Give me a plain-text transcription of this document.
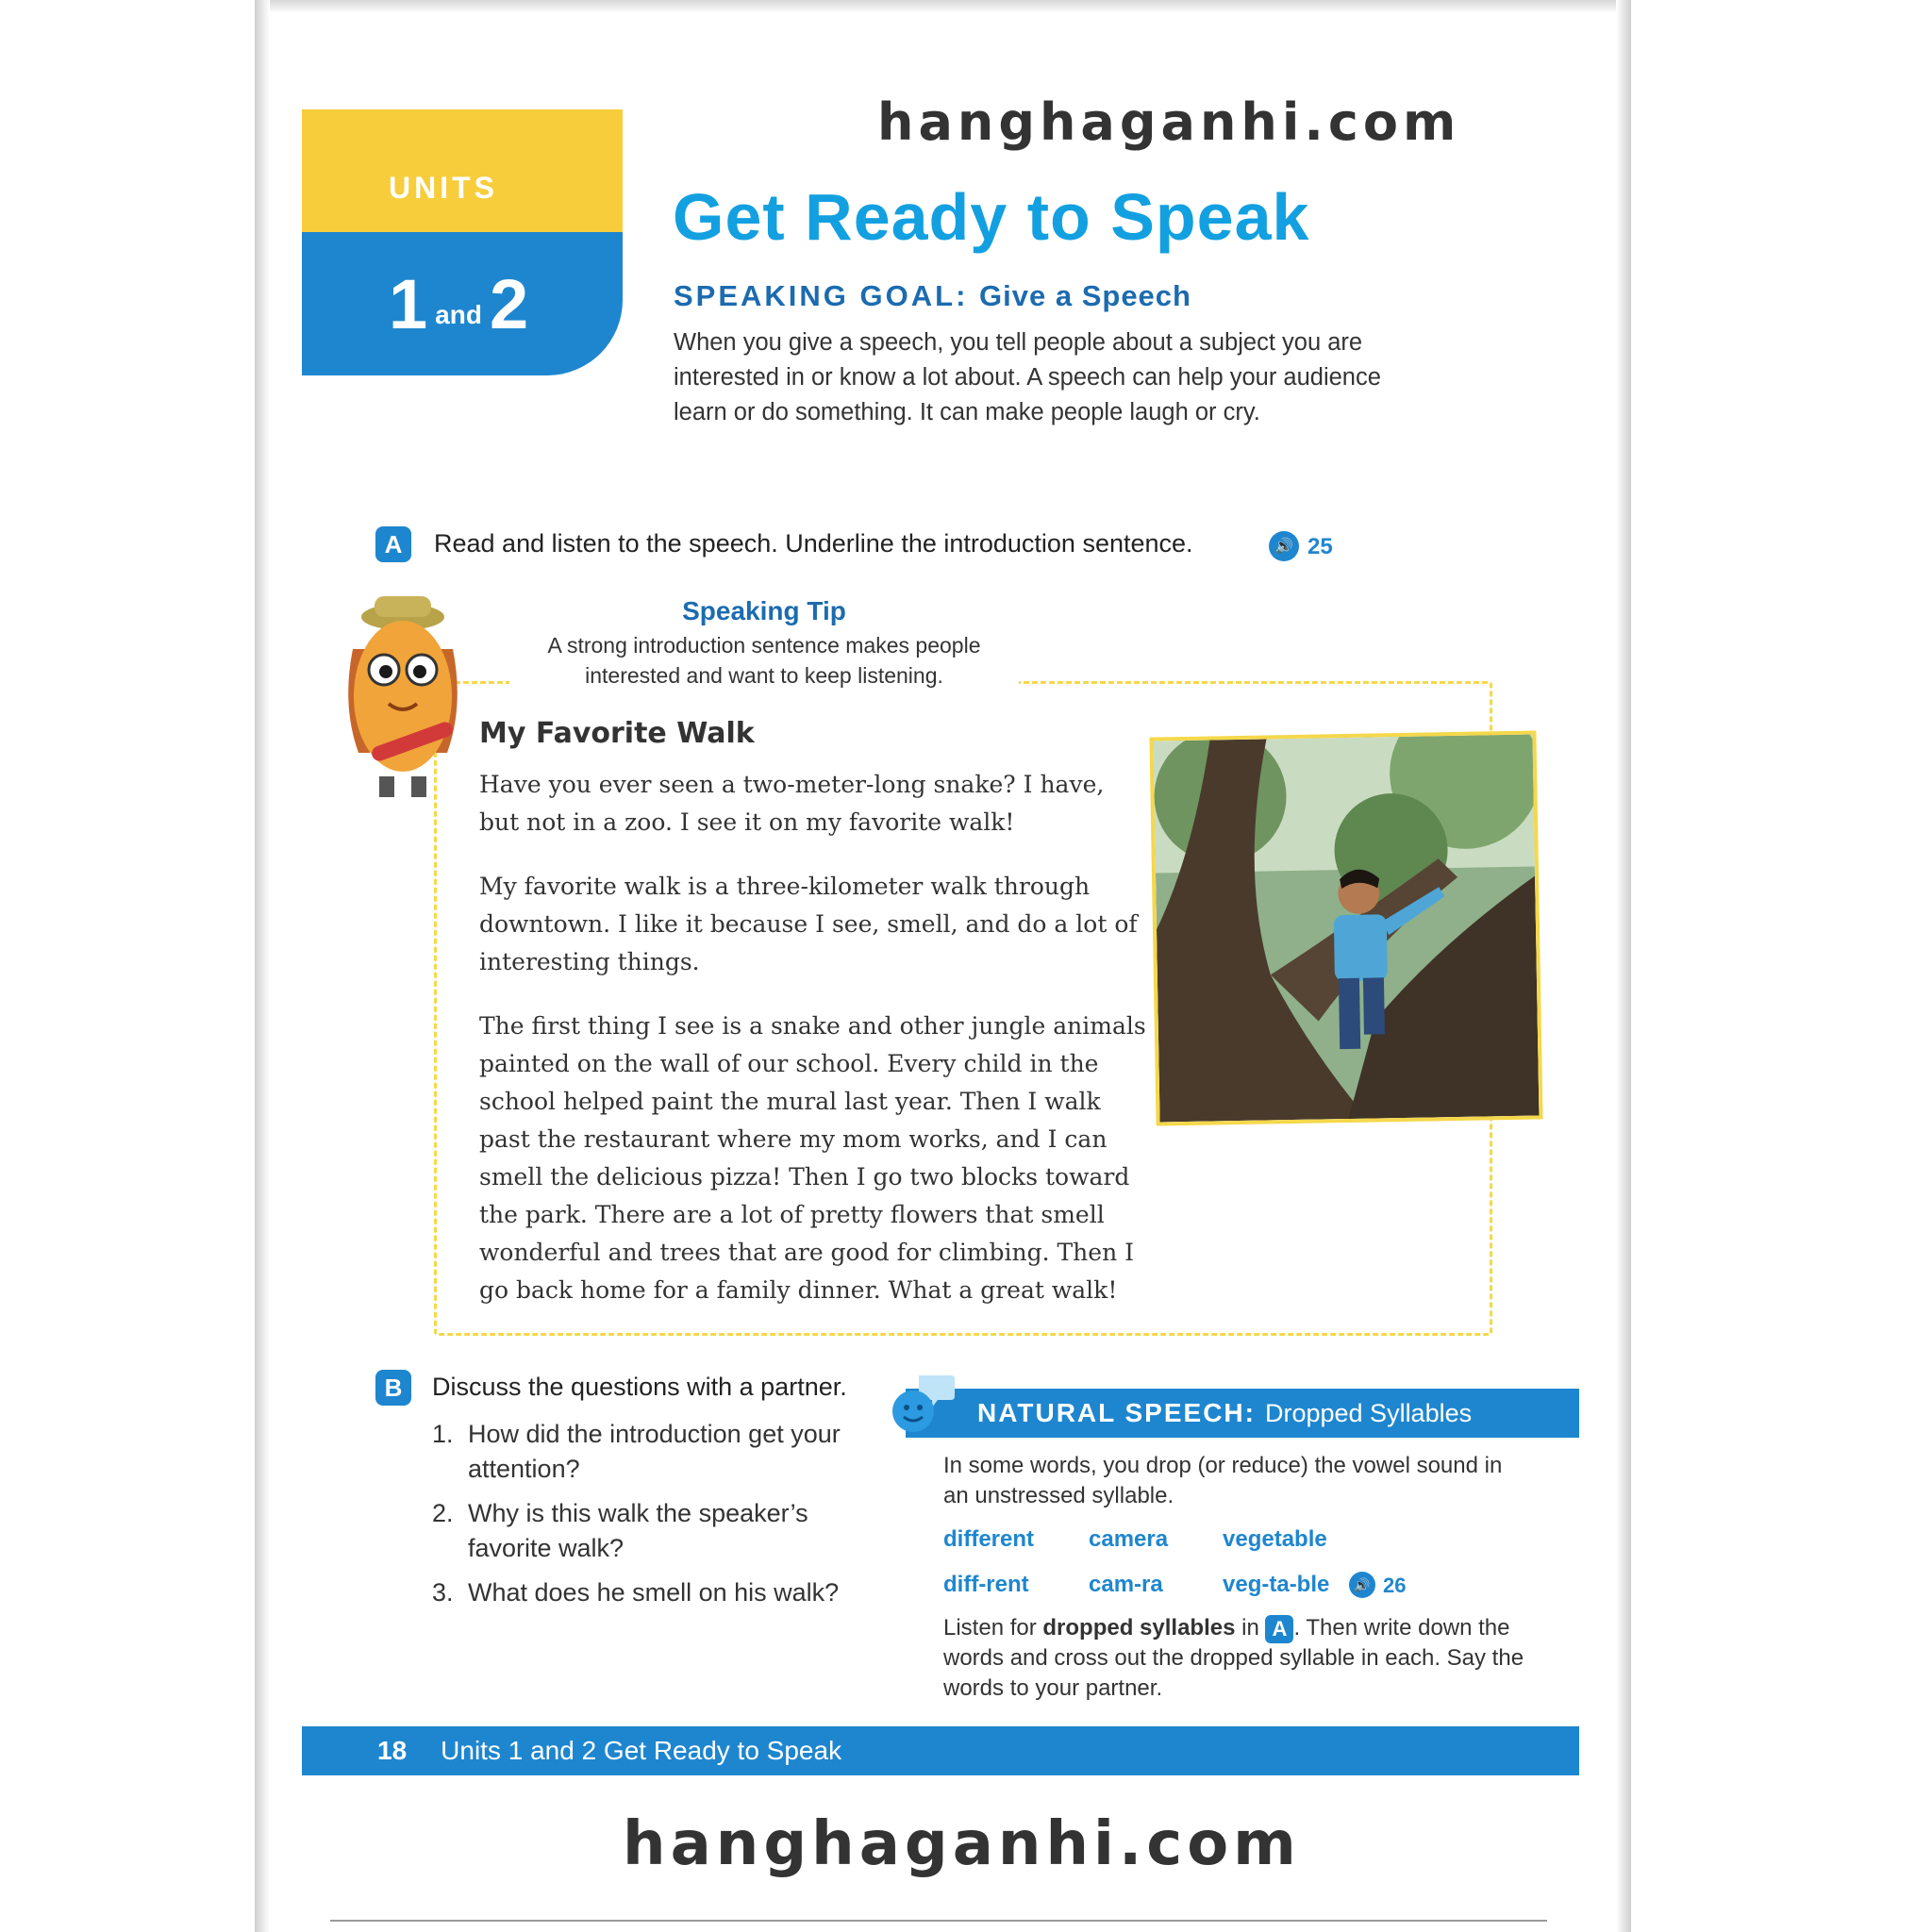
hanghaganhi.com
UNITS
1 and 2
Get Ready to Speak
SPEAKING GOAL: Give a Speech
When you give a speech, you tell people about a subject you are interested in or know a lot about. A speech can help your audience learn or do something. It can make people laugh or cry.
A	Read and listen to the speech. Underline the introduction sentence.	🔊 25
Speaking Tip
A strong introduction sentence makes people interested and want to keep listening.
My Favorite Walk
Have you ever seen a two-meter-long snake? I have, but not in a zoo. I see it on my favorite walk!
My favorite walk is a three-kilometer walk through downtown. I like it because I see, smell, and do a lot of interesting things.
The first thing I see is a snake and other jungle animals painted on the wall of our school. Every child in the school helped paint the mural last year. Then I walk past the restaurant where my mom works, and I can smell the delicious pizza! Then I go two blocks toward the park. There are a lot of pretty flowers that smell wonderful and trees that are good for climbing. Then I go back home for a family dinner. What a great walk!
B	Discuss the questions with a partner.
1. How did the introduction get your attention?
2. Why is this walk the speaker’s favorite walk?
3. What does he smell on his walk?
NATURAL SPEECH: Dropped Syllables
In some words, you drop (or reduce) the vowel sound in an unstressed syllable.
different camera vegetable
diff-rent	cam-ra	veg-ta-ble	🔊 26
Listen for dropped syllables in A . Then write down the words and cross out the dropped syllable in each. Say the words to your partner.
18 Units 1 and 2 Get Ready to Speak
hanghaganhi.com
